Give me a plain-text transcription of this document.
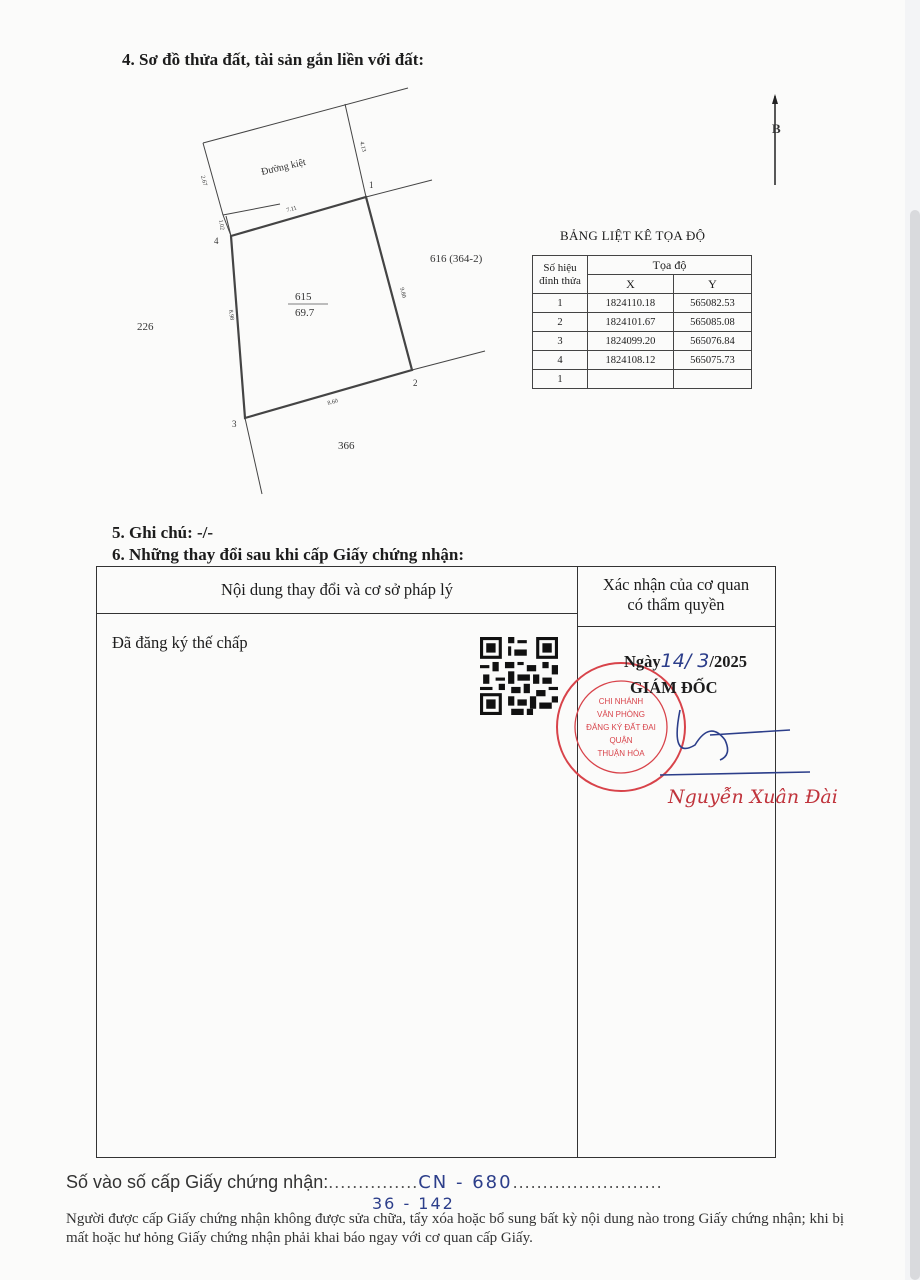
4. Sơ đồ thửa đất, tài sản gắn liền với đất:
B
Đường kiệt
615
69.7
226
616 (364-2)
366
1
2
3
4
7.11
9.80
8.60
8.98
4.13
2.67
1.02
BẢNG LIỆT KÊ TỌA ĐỘ
Số hiệu đỉnh thửa	Tọa độ	
	X	Y
1	1824110.18	565082.53
2	1824101.67	565085.08
3	1824099.20	565076.84
4	1824108.12	565075.73
1		
5. Ghi chú: -/-
6. Những thay đổi sau khi cấp Giấy chứng nhận:
Nội dung thay đổi và cơ sở pháp lý	Xác nhận của cơ quan
có thẩm quyền
Đã đăng ký thế chấp
CHI NHÁNH
VĂN PHÒNG
ĐĂNG KÝ ĐẤT ĐAI
QUẬN
THUẬN HÓA
Ngày14/ 3/2025
GIÁM ĐỐC
Nguyễn Xuân Đài
Số vào số cấp Giấy chứng nhận:...............CN - 680.........................
36 - 142
Người được cấp Giấy chứng nhận không được sửa chữa, tẩy xóa hoặc bổ sung bất kỳ nội dung nào trong Giấy chứng nhận; khi bị mất hoặc hư hỏng Giấy chứng nhận phải khai báo ngay với cơ quan cấp Giấy.
